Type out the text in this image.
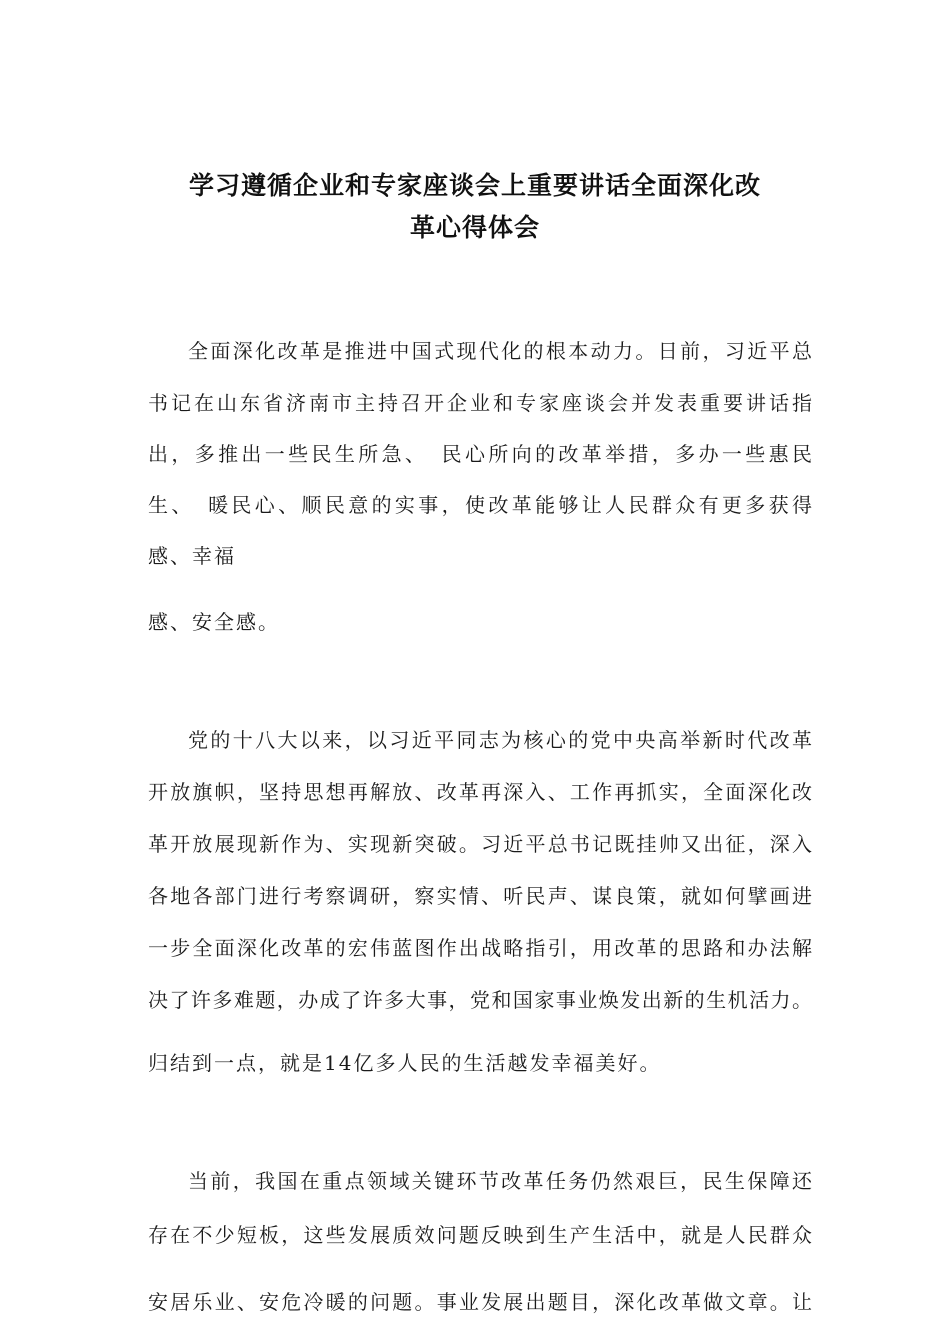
学习遵循企业和专家座谈会上重要讲话全面深化改
革心得体会

全面深化改革是推进中国式现代化的根本动力。日前，习近平总

书记在山东省济南市主持召开企业和专家座谈会并发表重要讲话指

出，多推出一些民生所急、　民心所向的改革举措，多办一些惠民

生、　暖民心、顺民意的实事，使改革能够让人民群众有更多获得

感、幸福

感、安全感。

党的十八大以来，以习近平同志为核心的党中央高举新时代改革

开放旗帜，坚持思想再解放、改革再深入、工作再抓实，全面深化改

革开放展现新作为、实现新突破。习近平总书记既挂帅又出征，深入

各地各部门进行考察调研，察实情、听民声、谋良策，就如何擘画进

一步全面深化改革的宏伟蓝图作出战略指引，用改革的思路和办法解

决了许多难题，办成了许多大事，党和国家事业焕发出新的生机活力。

归结到一点，就是14亿多人民的生活越发幸福美好。

当前，我国在重点领域关键环节改革任务仍然艰巨，民生保障还

存在不少短板，这些发展质效问题反映到生产生活中，就是人民群众

安居乐业、安危冷暖的问题。事业发展出题目，深化改革做文章。让
